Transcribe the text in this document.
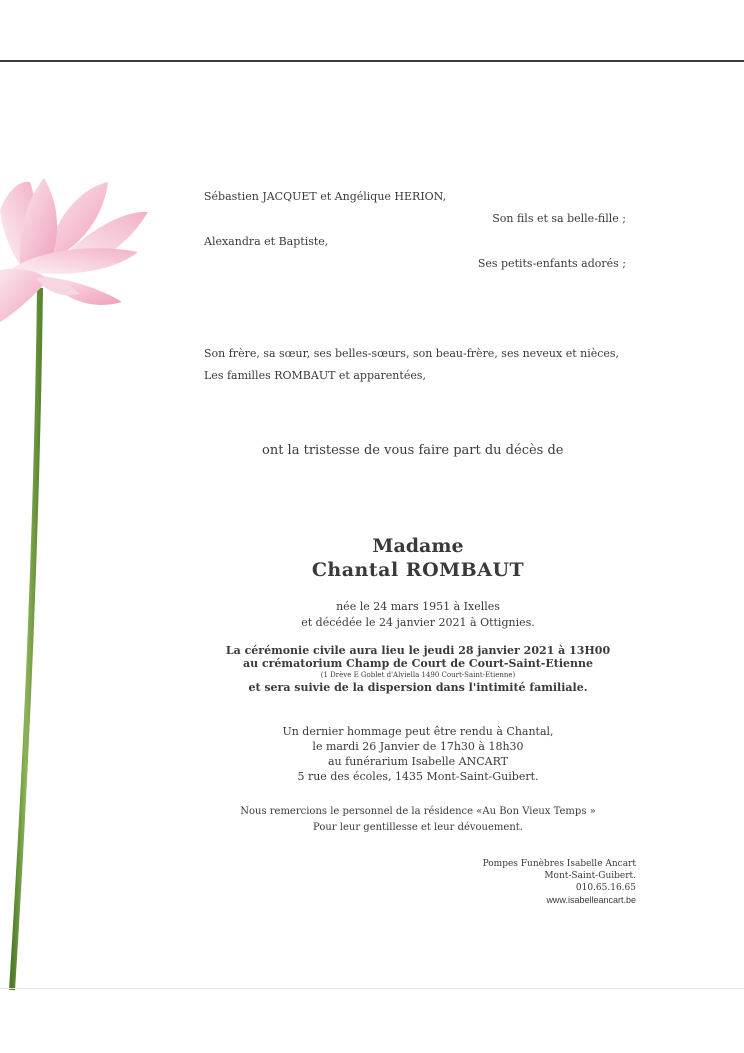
Sébastien JACQUET et Angélique HERION,
Son fils et sa belle-fille ;
Alexandra et Baptiste,
Ses petits-enfants adorés ;
Son frère, sa sœur, ses belles-sœurs, son beau-frère, ses neveux et nièces,
Les familles ROMBAUT et apparentées,
ont la tristesse de vous faire part du décès de
Madame
Chantal ROMBAUT
née le 24 mars 1951 à Ixelles
et décédée le 24 janvier 2021 à Ottignies.
La cérémonie civile aura lieu le jeudi 28 janvier 2021 à 13H00
au crématorium Champ de Court de Court-Saint-Etienne
(1 Drève E Goblet d'Alviella 1490 Court-Saint-Etienne)
et sera suivie de la dispersion dans l'intimité familiale.
Un dernier hommage peut être rendu à Chantal,
le mardi 26 Janvier de 17h30 à 18h30
au funérarium Isabelle ANCART
5 rue des écoles, 1435 Mont-Saint-Guibert.
Nous remercions le personnel de la résidence «Au Bon Vieux Temps »
Pour leur gentillesse et leur dévouement.
Pompes Funèbres Isabelle Ancart
Mont-Saint-Guibert.
010.65.16.65
www.isabelleancart.be
